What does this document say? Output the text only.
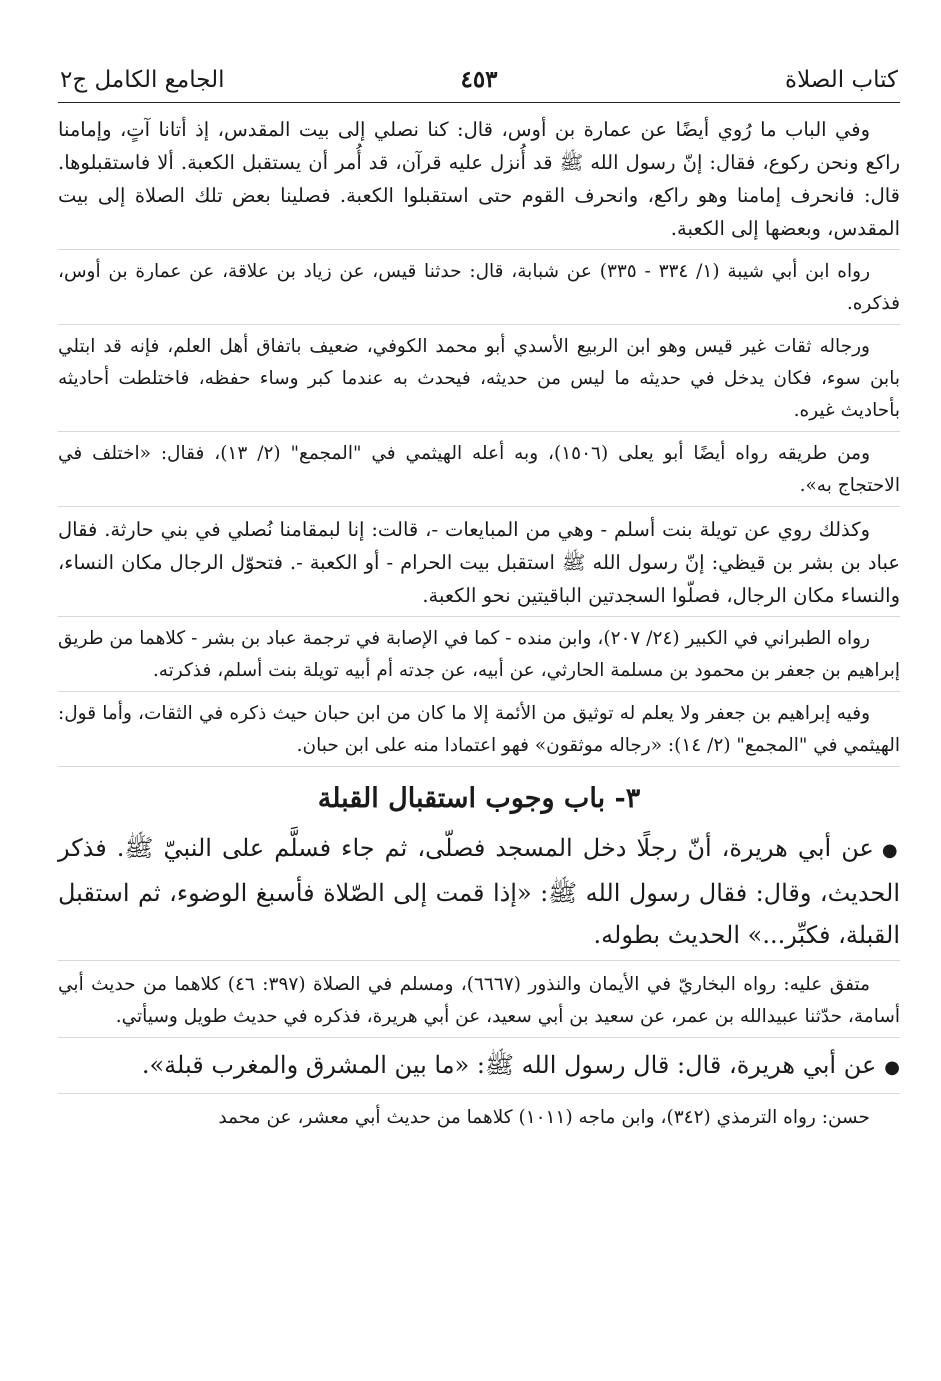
كتاب الصلاة
٤٥٣
الجامع الكامل ج٢

وفي الباب ما رُوي أيضًا عن عمارة بن أوس، قال: كنا نصلي إلى بيت المقدس، إذ أتانا آتٍ، وإمامنا راكع ونحن ركوع، فقال: إنّ رسول الله ﷺ قد أُنزل عليه قرآن، قد أُمر أن يستقبل الكعبة. ألا فاستقبلوها. قال: فانحرف إمامنا وهو راكع، وانحرف القوم حتى استقبلوا الكعبة. فصلينا بعض تلك الصلاة إلى بيت المقدس، وبعضها إلى الكعبة.

رواه ابن أبي شيبة (١/ ٣٣٤ - ٣٣٥) عن شبابة، قال: حدثنا قيس، عن زياد بن علاقة، عن عمارة بن أوس، فذكره.

ورجاله ثقات غير قيس وهو ابن الربيع الأسدي أبو محمد الكوفي، ضعيف باتفاق أهل العلم، فإنه قد ابتلي بابن سوء، فكان يدخل في حديثه ما ليس من حديثه، فيحدث به عندما كبر وساء حفظه، فاختلطت أحاديثه بأحاديث غيره.

ومن طريقه رواه أيضًا أبو يعلى (١٥٠٦)، وبه أعله الهيثمي في "المجمع" (٢/ ١٣)، فقال: «اختلف في الاحتجاج به».

وكذلك روي عن تويلة بنت أسلم - وهي من المبايعات -، قالت: إنا لبمقامنا نُصلي في بني حارثة. فقال عباد بن بشر بن قيظي: إنّ رسول الله ﷺ استقبل بيت الحرام - أو الكعبة -. فتحوّل الرجال مكان النساء، والنساء مكان الرجال، فصلّوا السجدتين الباقيتين نحو الكعبة.

رواه الطبراني في الكبير (٢٤/ ٢٠٧)، وابن منده - كما في الإصابة في ترجمة عباد بن بشر - كلاهما من طريق إبراهيم بن جعفر بن محمود بن مسلمة الحارثي، عن أبيه، عن جدته أم أبيه تويلة بنت أسلم، فذكرته.

وفيه إبراهيم بن جعفر ولا يعلم له توثيق من الأئمة إلا ما كان من ابن حبان حيث ذكره في الثقات، وأما قول: الهيثمي في "المجمع" (٢/ ١٤): «رجاله موثقون» فهو اعتمادا منه على ابن حبان.

٣- باب وجوب استقبال القبلة

●عن أبي هريرة، أنّ رجلًا دخل المسجد فصلّى، ثم جاء فسلَّم على النبيّ ﷺ. فذكر الحديث، وقال: فقال رسول الله ﷺ: «إذا قمت إلى الصّلاة فأسبغ الوضوء، ثم استقبل القبلة، فكبِّر...» الحديث بطوله.

متفق عليه: رواه البخاريّ في الأيمان والنذور (٦٦٦٧)، ومسلم في الصلاة (٣٩٧: ٤٦) كلاهما من حديث أبي أسامة، حدّثنا عبيدالله بن عمر، عن سعيد بن أبي سعيد، عن أبي هريرة، فذكره في حديث طويل وسيأتي.

●عن أبي هريرة، قال: قال رسول الله ﷺ: «ما بين المشرق والمغرب قبلة».

حسن: رواه الترمذي (٣٤٢)، وابن ماجه (١٠١١) كلاهما من حديث أبي معشر، عن محمد
